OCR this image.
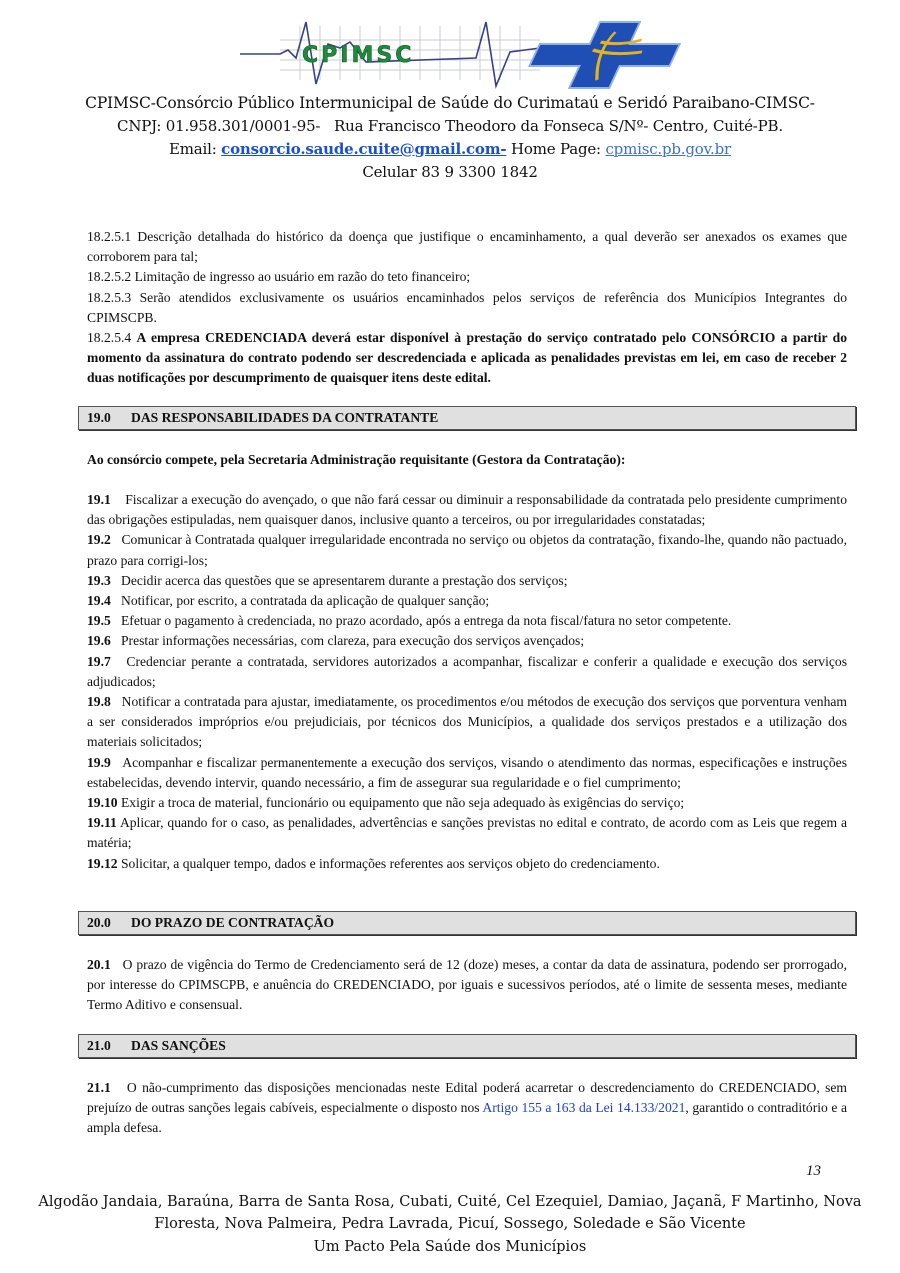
CPIMSC
CPIMSC-Consórcio Público Intermunicipal de Saúde do Curimataú e Seridó Paraibano-CIMSC-
CNPJ: 01.958.301/0001-95- Rua Francisco Theodoro da Fonseca S/Nº- Centro, Cuité-PB.
Email: consorcio.saude.cuite@gmail.com- Home Page: cpmisc.pb.gov.br
Celular 83 9 3300 1842

18.2.5.1 Descrição detalhada do histórico da doença que justifique o encaminhamento, a qual deverão ser anexados os exames que corroborem para tal;

18.2.5.2 Limitação de ingresso ao usuário em razão do teto financeiro;

18.2.5.3 Serão atendidos exclusivamente os usuários encaminhados pelos serviços de referência dos Municípios Integrantes do CPIMSCPB.

18.2.5.4 A empresa CREDENCIADA deverá estar disponível à prestação do serviço contratado pelo CONSÓRCIO a partir do momento da assinatura do contrato podendo ser descredenciada e aplicada as penalidades previstas em lei, em caso de receber 2 duas notificações por descumprimento de quaisquer itens deste edital.

19.0 DAS RESPONSABILIDADES DA CONTRATANTE

Ao consórcio compete, pela Secretaria Administração requisitante (Gestora da Contratação):

19.1 Fiscalizar a execução do avençado, o que não fará cessar ou diminuir a responsabilidade da contratada pelo presidente cumprimento das obrigações estipuladas, nem quaisquer danos, inclusive quanto a terceiros, ou por irregularidades constatadas;

19.2 Comunicar à Contratada qualquer irregularidade encontrada no serviço ou objetos da contratação, fixando-lhe, quando não pactuado, prazo para corrigi-los;

19.3 Decidir acerca das questões que se apresentarem durante a prestação dos serviços;

19.4 Notificar, por escrito, a contratada da aplicação de qualquer sanção;

19.5 Efetuar o pagamento à credenciada, no prazo acordado, após a entrega da nota fiscal/fatura no setor competente.

19.6 Prestar informações necessárias, com clareza, para execução dos serviços avençados;

19.7 Credenciar perante a contratada, servidores autorizados a acompanhar, fiscalizar e conferir a qualidade e execução dos serviços adjudicados;

19.8 Notificar a contratada para ajustar, imediatamente, os procedimentos e/ou métodos de execução dos serviços que porventura venham a ser considerados impróprios e/ou prejudiciais, por técnicos dos Municípios, a qualidade dos serviços prestados e a utilização dos materiais solicitados;

19.9 Acompanhar e fiscalizar permanentemente a execução dos serviços, visando o atendimento das normas, especificações e instruções estabelecidas, devendo intervir, quando necessário, a fim de assegurar sua regularidade e o fiel cumprimento;

19.10 Exigir a troca de material, funcionário ou equipamento que não seja adequado às exigências do serviço;

19.11 Aplicar, quando for o caso, as penalidades, advertências e sanções previstas no edital e contrato, de acordo com as Leis que regem a matéria;

19.12 Solicitar, a qualquer tempo, dados e informações referentes aos serviços objeto do credenciamento.

20.0 DO PRAZO DE CONTRATAÇÃO

20.1 O prazo de vigência do Termo de Credenciamento será de 12 (doze) meses, a contar da data de assinatura, podendo ser prorrogado, por interesse do CPIMSCPB, e anuência do CREDENCIADO, por iguais e sucessivos períodos, até o limite de sessenta meses, mediante Termo Aditivo e consensual.

21.0 DAS SANÇÕES

21.1 O não-cumprimento das disposições mencionadas neste Edital poderá acarretar o descredenciamento do CREDENCIADO, sem prejuízo de outras sanções legais cabíveis, especialmente o disposto nos Artigo 155 a 163 da Lei 14.133/2021, garantido o contraditório e a ampla defesa.

13
Algodão Jandaia, Baraúna, Barra de Santa Rosa, Cubati, Cuité, Cel Ezequiel, Damiao, Jaçanã, F Martinho, Nova
Floresta, Nova Palmeira, Pedra Lavrada, Picuí, Sossego, Soledade e São Vicente
Um Pacto Pela Saúde dos Municípios
